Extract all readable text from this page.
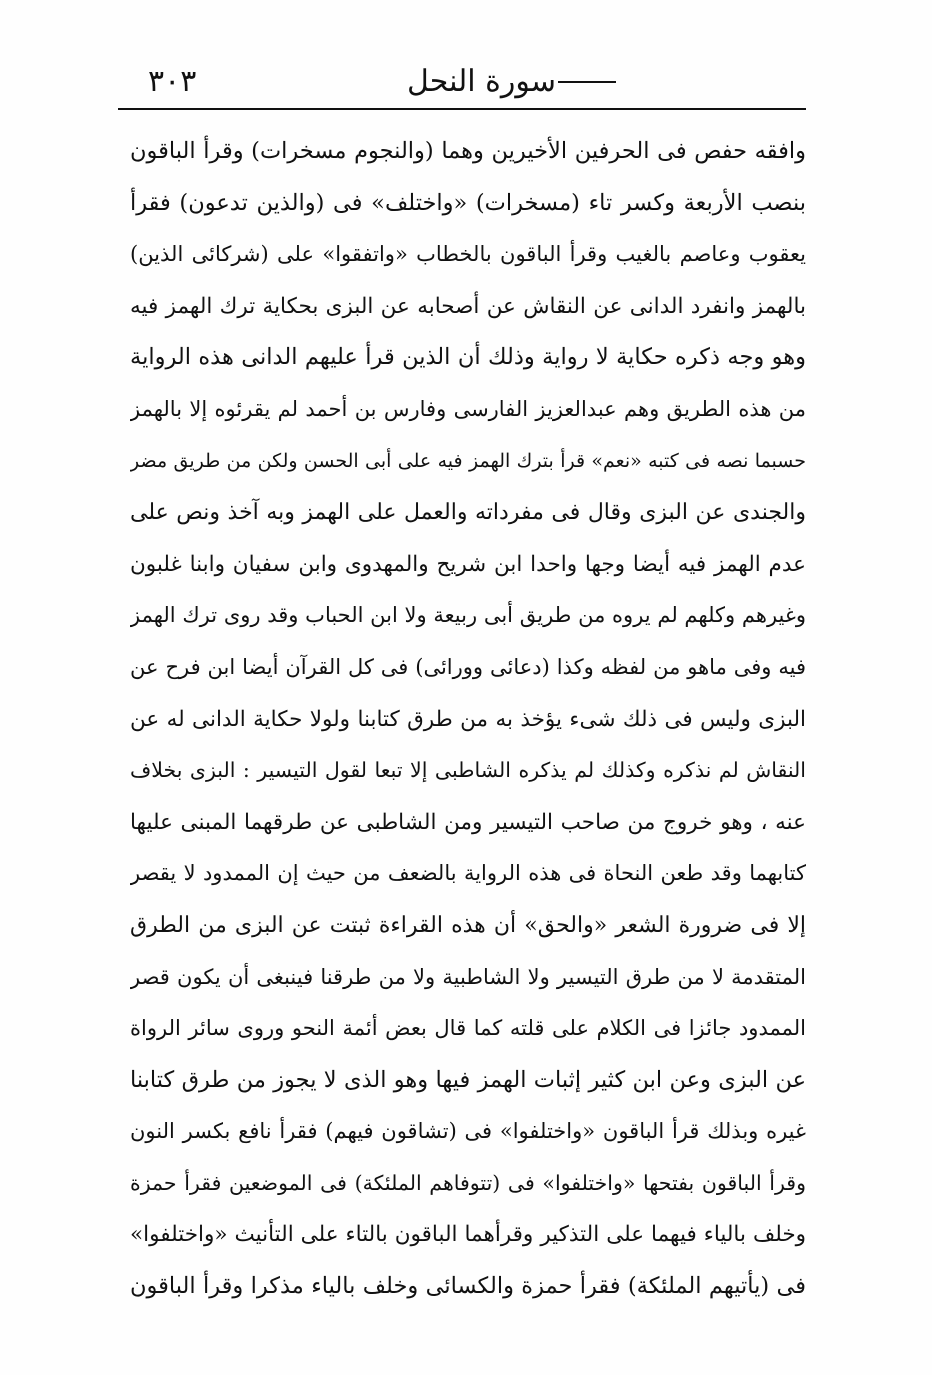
سورة النحل
٣٠٣
وافقه حفص فى الحرفين الأخيرين وهما (والنجوم مسخرات) وقرأ الباقون
بنصب الأربعة وكسر تاء (مسخرات) «واختلف» فى (والذين تدعون) فقرأ
يعقوب وعاصم بالغيب وقرأ الباقون بالخطاب «واتفقوا» على (شركائى الذين)
بالهمز وانفرد الدانى عن النقاش عن أصحابه عن البزى بحكاية ترك الهمز فيه
وهو وجه ذكره حكاية لا رواية وذلك أن الذين قرأ عليهم الدانى هذه الرواية
من هذه الطريق وهم عبدالعزيز الفارسى وفارس بن أحمد لم يقرئوه إلا بالهمز
حسبما نصه فى كتبه «نعم» قرأ بترك الهمز فيه على أبى الحسن ولكن من طريق مضر
والجندى عن البزى وقال فى مفرداته والعمل على الهمز وبه آخذ ونص على
عدم الهمز فيه أيضا وجها واحدا ابن شريح والمهدوى وابن سفيان وابنا غلبون
وغيرهم وكلهم لم يروه من طريق أبى ربيعة ولا ابن الحباب وقد روى ترك الهمز
فيه وفى ماهو من لفظه وكذا (دعائى وورائى) فى كل القرآن أيضا ابن فرح عن
البزى وليس فى ذلك شىء يؤخذ به من طرق كتابنا ولولا حكاية الدانى له عن
النقاش لم نذكره وكذلك لم يذكره الشاطبى إلا تبعا لقول التيسير : البزى بخلاف
عنه ، وهو خروج من صاحب التيسير ومن الشاطبى عن طرقهما المبنى عليها
كتابهما وقد طعن النحاة فى هذه الرواية بالضعف من حيث إن الممدود لا يقصر
إلا فى ضرورة الشعر «والحق» أن هذه القراءة ثبتت عن البزى من الطرق
المتقدمة لا من طرق التيسير ولا الشاطبية ولا من طرقنا فينبغى أن يكون قصر
الممدود جائزا فى الكلام على قلته كما قال بعض أئمة النحو وروى سائر الرواة
عن البزى وعن ابن كثير إثبات الهمز فيها وهو الذى لا يجوز من طرق كتابنا
غيره وبذلك قرأ الباقون «واختلفوا» فى (تشاقون فيهم) فقرأ نافع بكسر النون
وقرأ الباقون بفتحها «واختلفوا» فى (تتوفاهم الملئكة) فى الموضعين فقرأ حمزة
وخلف بالياء فيهما على التذكير وقرأهما الباقون بالتاء على التأنيث «واختلفوا»
فى (يأتيهم الملئكة) فقرأ حمزة والكسائى وخلف بالياء مذكرا وقرأ الباقون
